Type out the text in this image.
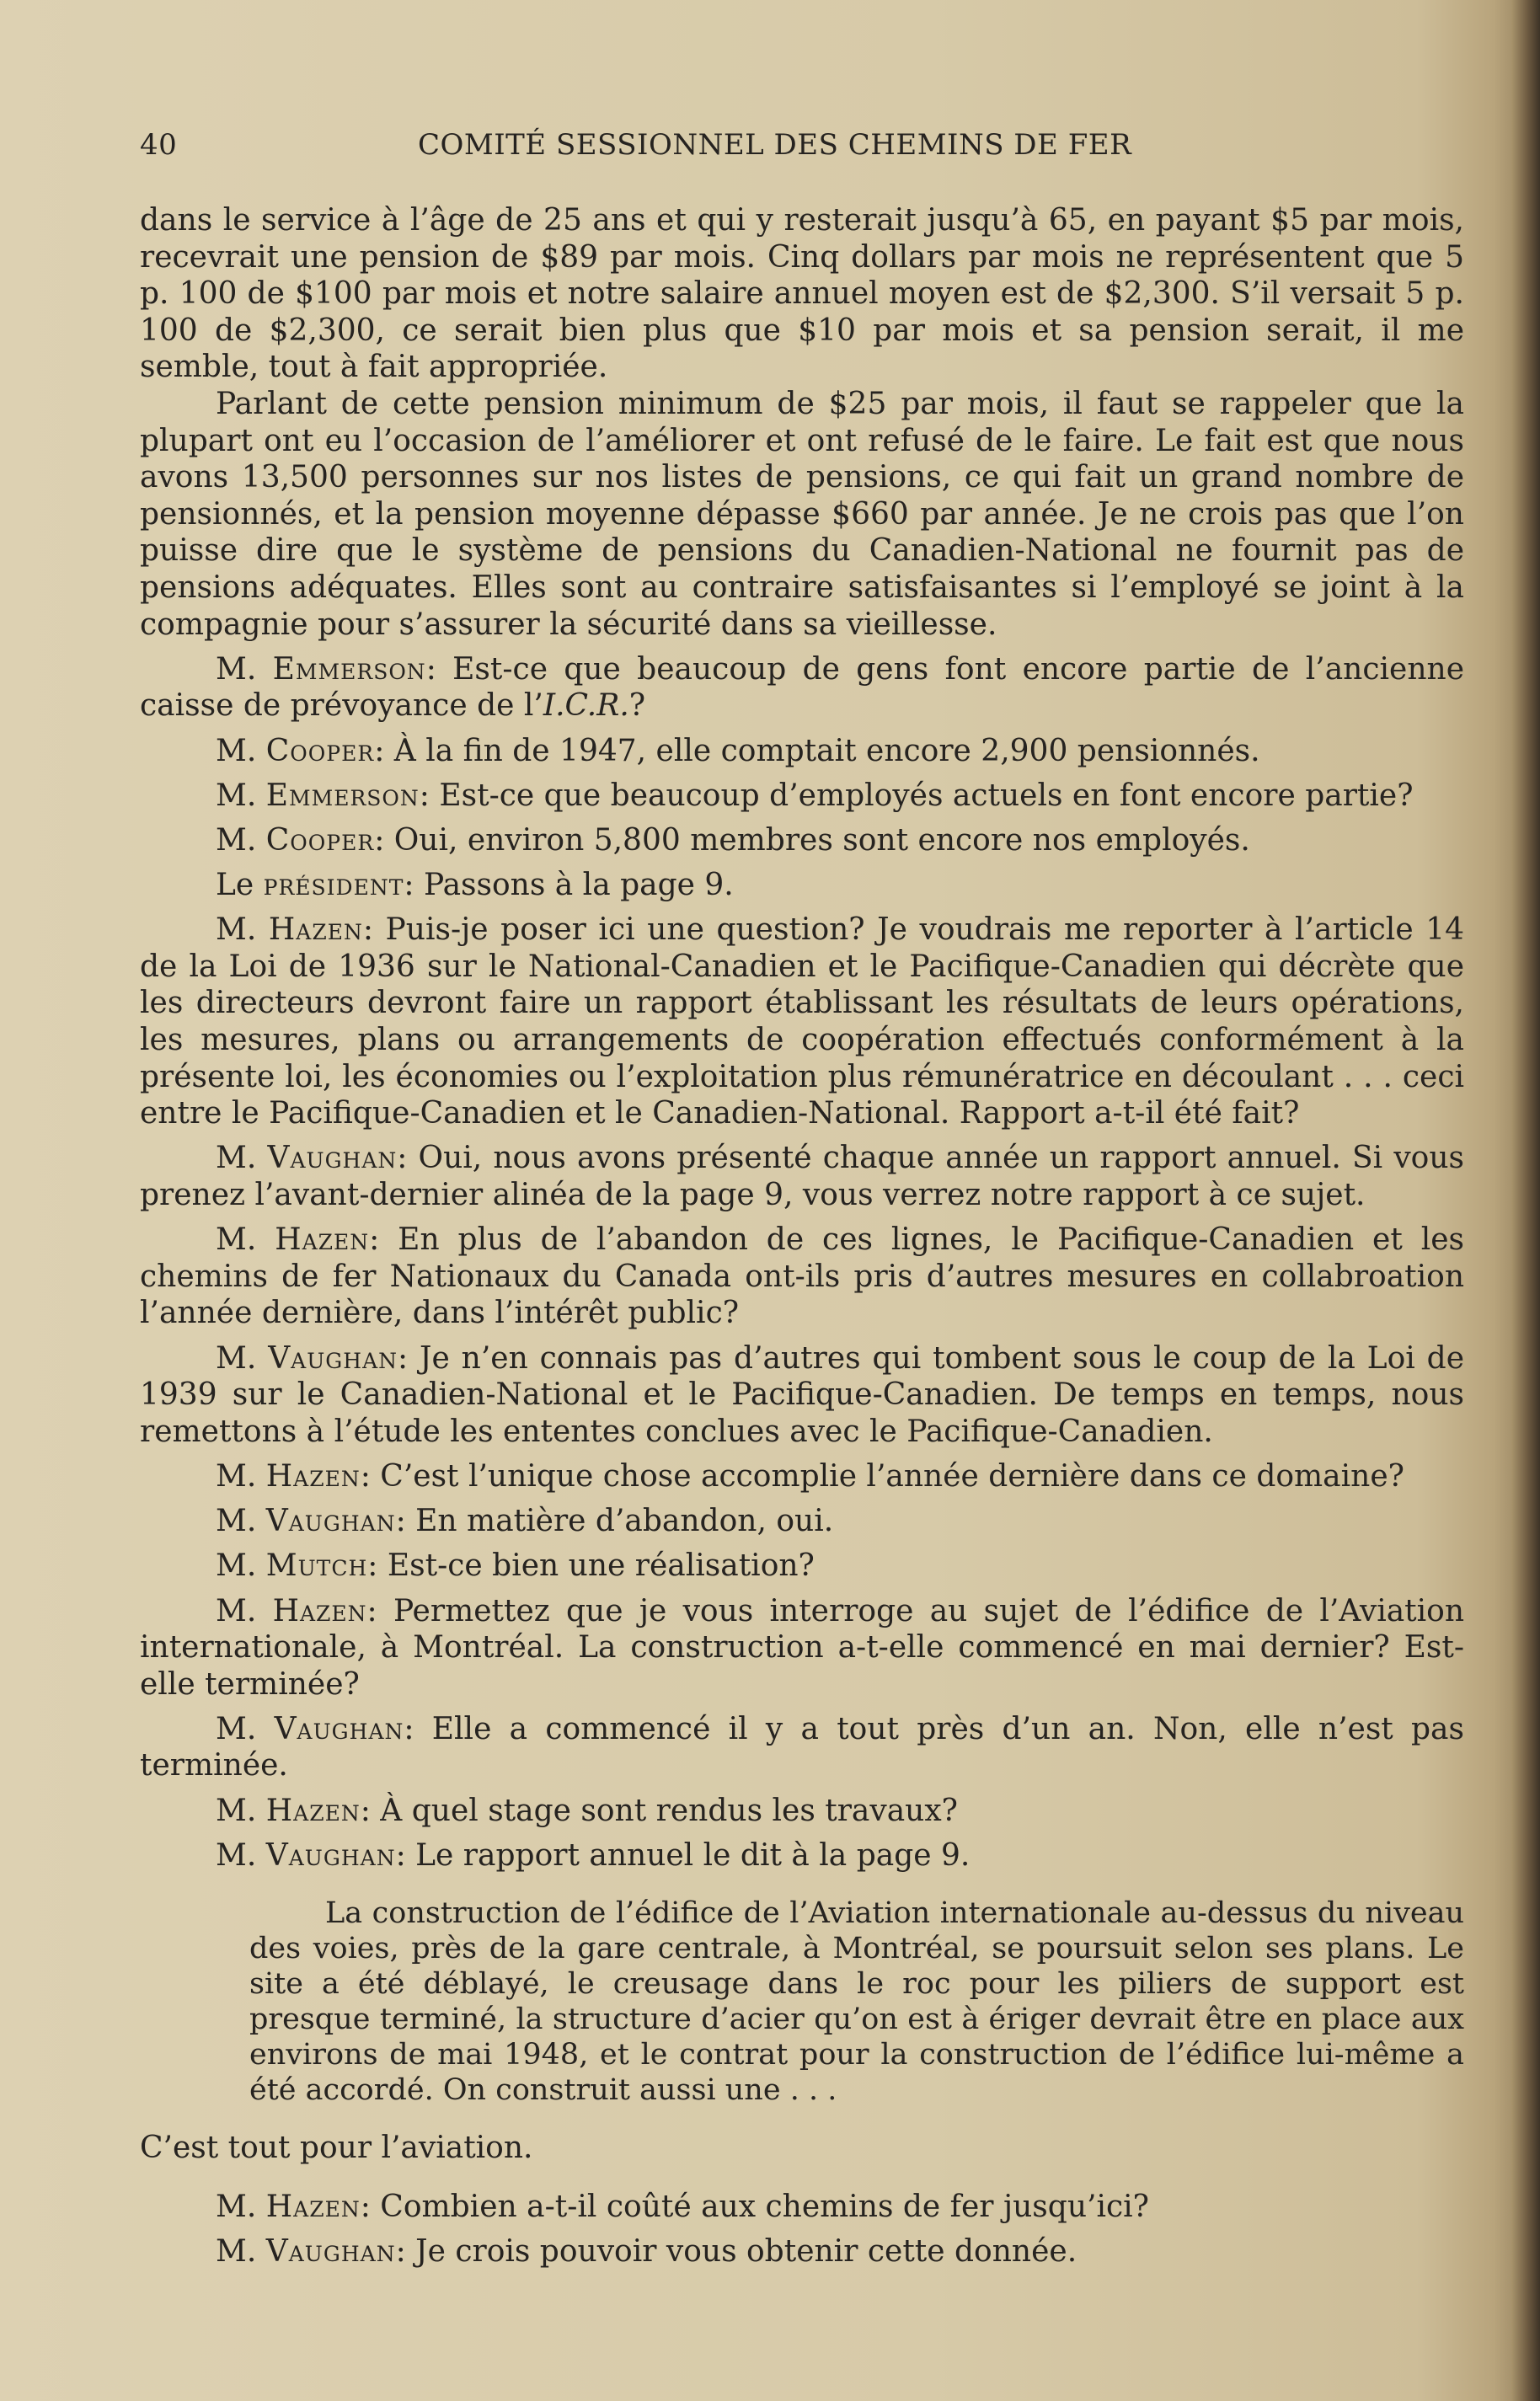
40	COMITÉ SESSIONNEL DES CHEMINS DE FER

dans le service à l’âge de 25 ans et qui y resterait jusqu’à 65, en payant $5 par mois, recevrait une pension de $89 par mois. Cinq dollars par mois ne représentent que 5 p. 100 de $100 par mois et notre salaire annuel moyen est de $2,300. S’il versait 5 p. 100 de $2,300, ce serait bien plus que $10 par mois et sa pension serait, il me semble, tout à fait appropriée.

Parlant de cette pension minimum de $25 par mois, il faut se rappeler que la plupart ont eu l’occasion de l’améliorer et ont refusé de le faire. Le fait est que nous avons 13,500 personnes sur nos listes de pensions, ce qui fait un grand nombre de pensionnés, et la pension moyenne dépasse $660 par année. Je ne crois pas que l’on puisse dire que le système de pensions du Canadien-National ne fournit pas de pensions adéquates. Elles sont au contraire satisfaisantes si l’employé se joint à la compagnie pour s’assurer la sécurité dans sa vieillesse.

M. Emmerson: Est-ce que beaucoup de gens font encore partie de l’ancienne caisse de prévoyance de l’I.C.R.?

M. Cooper: À la fin de 1947, elle comptait encore 2,900 pensionnés.

M. Emmerson: Est-ce que beaucoup d’employés actuels en font encore partie?

M. Cooper: Oui, environ 5,800 membres sont encore nos employés.

Le président: Passons à la page 9.

M. Hazen: Puis-je poser ici une question? Je voudrais me reporter à l’article 14 de la Loi de 1936 sur le National-Canadien et le Pacifique-Canadien qui décrète que les directeurs devront faire un rapport établissant les résultats de leurs opérations, les mesures, plans ou arrangements de coopération effectués conformément à la présente loi, les économies ou l’exploitation plus rémunératrice en découlant . . . ceci entre le Pacifique-Canadien et le Canadien-National. Rapport a-t-il été fait?

M. Vaughan: Oui, nous avons présenté chaque année un rapport annuel. Si vous prenez l’avant-dernier alinéa de la page 9, vous verrez notre rapport à ce sujet.

M. Hazen: En plus de l’abandon de ces lignes, le Pacifique-Canadien et les chemins de fer Nationaux du Canada ont-ils pris d’autres mesures en collabroation l’année dernière, dans l’intérêt public?

M. Vaughan: Je n’en connais pas d’autres qui tombent sous le coup de la Loi de 1939 sur le Canadien-National et le Pacifique-Canadien. De temps en temps, nous remettons à l’étude les ententes conclues avec le Pacifique-Canadien.

M. Hazen: C’est l’unique chose accomplie l’année dernière dans ce domaine?

M. Vaughan: En matière d’abandon, oui.

M. Mutch: Est-ce bien une réalisation?

M. Hazen: Permettez que je vous interroge au sujet de l’édifice de l’Aviation internationale, à Montréal. La construction a-t-elle commencé en mai dernier? Est-elle terminée?

M. Vaughan: Elle a commencé il y a tout près d’un an. Non, elle n’est pas terminée.

M. Hazen: À quel stage sont rendus les travaux?

M. Vaughan: Le rapport annuel le dit à la page 9.

La construction de l’édifice de l’Aviation internationale au-dessus du niveau des voies, près de la gare centrale, à Montréal, se poursuit selon ses plans. Le site a été déblayé, le creusage dans le roc pour les piliers de support est presque terminé, la structure d’acier qu’on est à ériger devrait être en place aux environs de mai 1948, et le contrat pour la construction de l’édifice lui-même a été accordé. On construit aussi une . . .

C’est tout pour l’aviation.

M. Hazen: Combien a-t-il coûté aux chemins de fer jusqu’ici?

M. Vaughan: Je crois pouvoir vous obtenir cette donnée.
